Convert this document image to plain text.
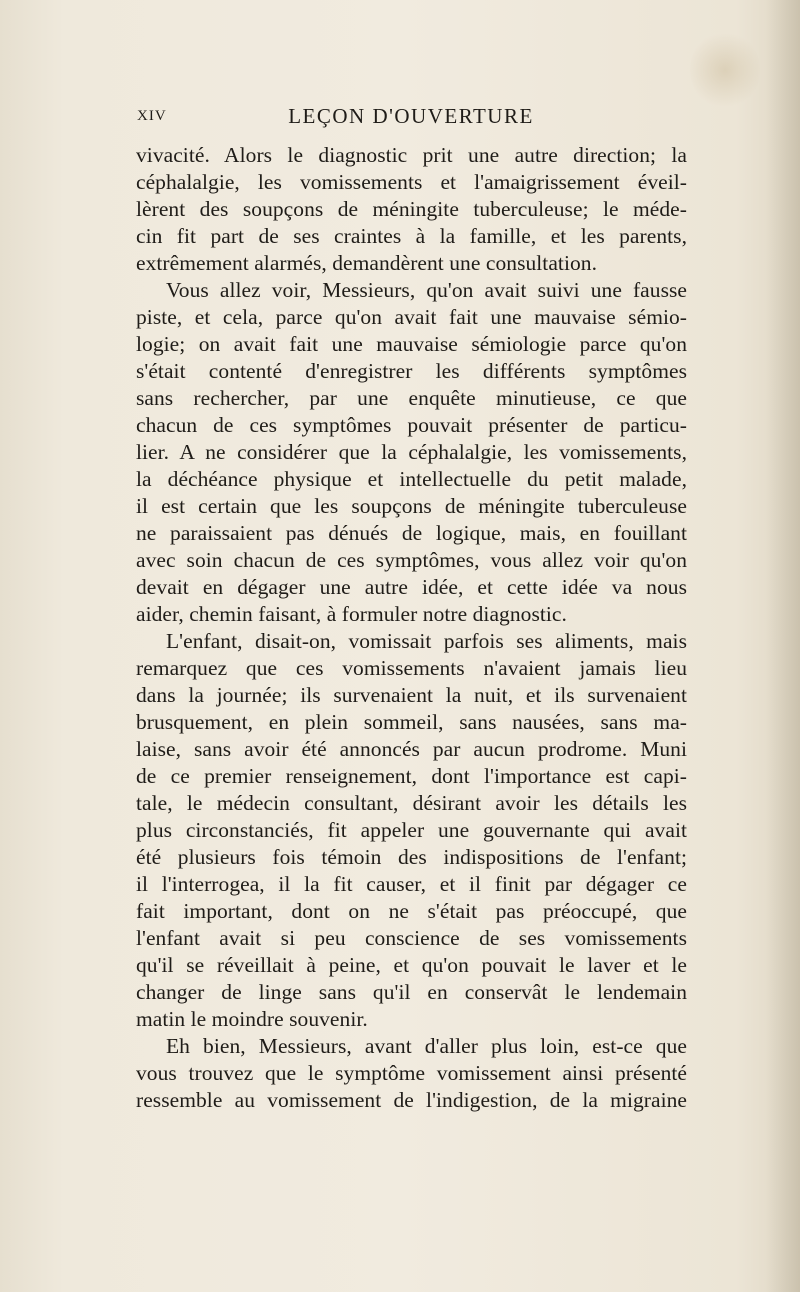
XIV	LEÇON D'OUVERTURE
vivacité. Alors le diagnostic prit une autre direction; la
céphalalgie, les vomissements et l'amaigrissement éveil-
lèrent des soupçons de méningite tuberculeuse; le méde-
cin fit part de ses craintes à la famille, et les parents,
extrêmement alarmés, demandèrent une consultation.
Vous allez voir, Messieurs, qu'on avait suivi une fausse
piste, et cela, parce qu'on avait fait une mauvaise sémio-
logie; on avait fait une mauvaise sémiologie parce qu'on
s'était contenté d'enregistrer les différents symptômes
sans rechercher, par une enquête minutieuse, ce que
chacun de ces symptômes pouvait présenter de particu-
lier. A ne considérer que la céphalalgie, les vomissements,
la déchéance physique et intellectuelle du petit malade,
il est certain que les soupçons de méningite tuberculeuse
ne paraissaient pas dénués de logique, mais, en fouillant
avec soin chacun de ces symptômes, vous allez voir qu'on
devait en dégager une autre idée, et cette idée va nous
aider, chemin faisant, à formuler notre diagnostic.
L'enfant, disait-on, vomissait parfois ses aliments, mais
remarquez que ces vomissements n'avaient jamais lieu
dans la journée; ils survenaient la nuit, et ils survenaient
brusquement, en plein sommeil, sans nausées, sans ma-
laise, sans avoir été annoncés par aucun prodrome. Muni
de ce premier renseignement, dont l'importance est capi-
tale, le médecin consultant, désirant avoir les détails les
plus circonstanciés, fit appeler une gouvernante qui avait
été plusieurs fois témoin des indispositions de l'enfant;
il l'interrogea, il la fit causer, et il finit par dégager ce
fait important, dont on ne s'était pas préoccupé, que
l'enfant avait si peu conscience de ses vomissements
qu'il se réveillait à peine, et qu'on pouvait le laver et le
changer de linge sans qu'il en conservât le lendemain
matin le moindre souvenir.
Eh bien, Messieurs, avant d'aller plus loin, est-ce que
vous trouvez que le symptôme vomissement ainsi présenté
ressemble au vomissement de l'indigestion, de la migraine
